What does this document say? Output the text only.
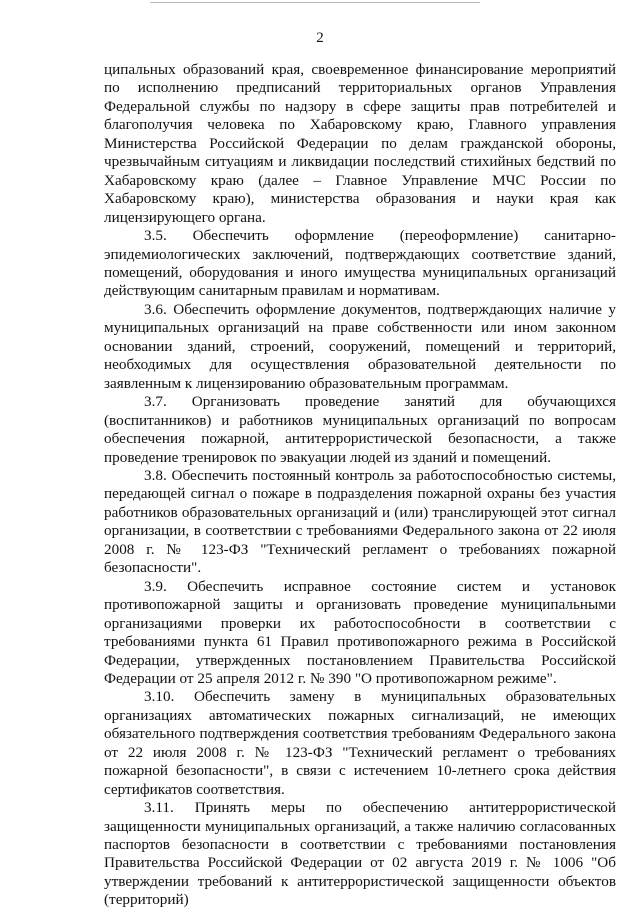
2

ципальных образований края, своевременное финансирование мероприятий по исполнению предписаний территориальных органов Управления Федеральной службы по надзору в сфере защиты прав потребителей и благополучия человека по Хабаровскому краю, Главного управления Министерства Российской Федерации по делам гражданской обороны, чрезвычайным ситуациям и ликвидации последствий стихийных бедствий по Хабаровскому краю (далее – Главное Управление МЧС России по Хабаровскому краю), министерства образования и науки края как лицензирующего органа.

3.5. Обеспечить оформление (переоформление) санитарно-эпидемиологических заключений, подтверждающих соответствие зданий, помещений, оборудования и иного имущества муниципальных организаций действующим санитарным правилам и нормативам.

3.6. Обеспечить оформление документов, подтверждающих наличие у муниципальных организаций на праве собственности или ином законном основании зданий, строений, сооружений, помещений и территорий, необходимых для осуществления образовательной деятельности по заявленным к лицензированию образовательным программам.

3.7. Организовать проведение занятий для обучающихся (воспитанников) и работников муниципальных организаций по вопросам обеспечения пожарной, антитеррористической безопасности, а также проведение тренировок по эвакуации людей из зданий и помещений.

3.8. Обеспечить постоянный контроль за работоспособностью системы, передающей сигнал о пожаре в подразделения пожарной охраны без участия работников образовательных организаций и (или) транслирующей этот сигнал организации, в соответствии с требованиями Федерального закона от 22 июля 2008 г. № 123-ФЗ "Технический регламент о требованиях пожарной безопасности".

3.9. Обеспечить исправное состояние систем и установок противопожарной защиты и организовать проведение муниципальными организациями проверки их работоспособности в соответствии с требованиями пункта 61 Правил противопожарного режима в Российской Федерации, утвержденных постановлением Правительства Российской Федерации от 25 апреля 2012 г. № 390 "О противопожарном режиме".

3.10. Обеспечить замену в муниципальных образовательных организациях автоматических пожарных сигнализаций, не имеющих обязательного подтверждения соответствия требованиям Федерального закона от 22 июля 2008 г. № 123-ФЗ "Технический регламент о требованиях пожарной безопасности", в связи с истечением 10-летнего срока действия сертификатов соответствия.

3.11. Принять меры по обеспечению антитеррористической защищенности муниципальных организаций, а также наличию согласованных паспортов безопасности в соответствии с требованиями постановления Правительства Российской Федерации от 02 августа 2019 г. № 1006 "Об утверждении требований к антитеррористической защищенности объектов (территорий)
